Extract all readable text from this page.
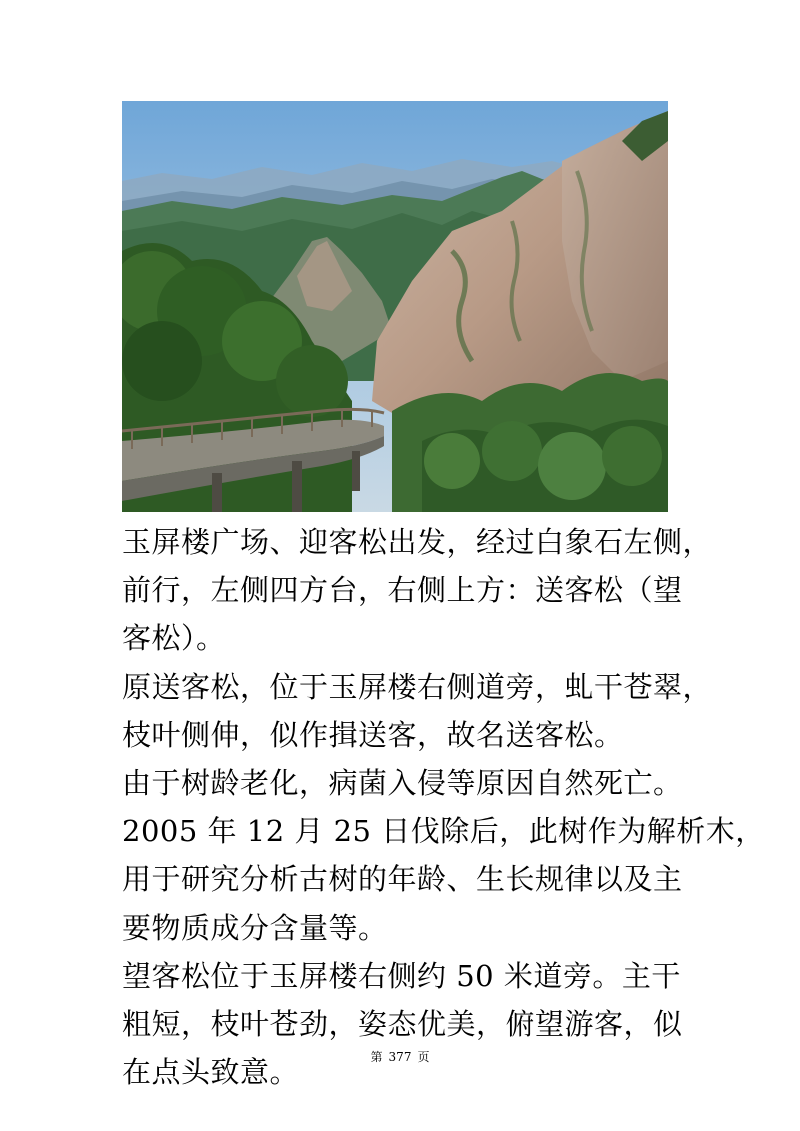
玉屏楼广场、迎客松出发，经过白象石左侧，
前行，左侧四方台，右侧上方：送客松（望
客松）。
原送客松，位于玉屏楼右侧道旁，虬干苍翠，
枝叶侧伸，似作揖送客，故名送客松。
由于树龄老化，病菌入侵等原因自然死亡。
2005 年 12 月 25 日伐除后，此树作为解析木，
用于研究分析古树的年龄、生长规律以及主
要物质成分含量等。
望客松位于玉屏楼右侧约 50 米道旁。主干
粗短，枝叶苍劲，姿态优美，俯望游客，似
在点头致意。	第 377 页
